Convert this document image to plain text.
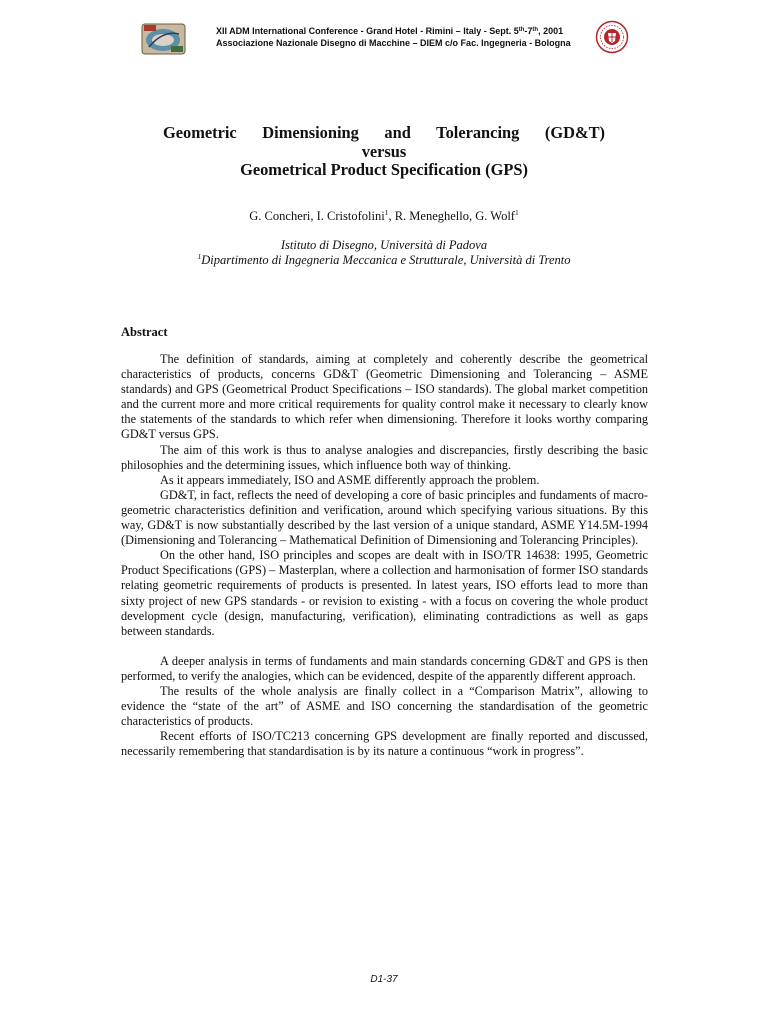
XII ADM International Conference - Grand Hotel - Rimini – Italy - Sept. 5th-7th, 2001
Associazione Nazionale Disegno di Macchine – DIEM c/o Fac. Ingegneria - Bologna
Geometric Dimensioning and Tolerancing (GD&T)
versus
Geometrical Product Specification (GPS)
G. Concheri, I. Cristofolini$^1$, R. Meneghello, G. Wolf$^1$
Istituto di Disegno, Università di Padova
$^1$Dipartimento di Ingegneria Meccanica e Strutturale, Università di Trento
Abstract

The definition of standards, aiming at completely and coherently describe the geometrical characteristics of products, concerns GD&T (Geometric Dimensioning and Tolerancing – ASME standards) and GPS (Geometrical Product Specifications – ISO standards). The global market competition and the current more and more critical requirements for quality control make it necessary to clearly know the statements of the standards to which refer when dimensioning. Therefore it looks worthy comparing GD&T versus GPS.

The aim of this work is thus to analyse analogies and discrepancies, firstly describing the basic philosophies and the determining issues, which influence both way of thinking.

As it appears immediately, ISO and ASME differently approach the problem.

GD&T, in fact, reflects the need of developing a core of basic principles and fundaments of macro-geometric characteristics definition and verification, around which specifying various situations. By this way, GD&T is now substantially described by the last version of a unique standard, ASME Y14.5M-1994 (Dimensioning and Tolerancing – Mathematical Definition of Dimensioning and Tolerancing Principles).

On the other hand, ISO principles and scopes are dealt with in ISO/TR 14638: 1995, Geometric Product Specifications (GPS) – Masterplan, where a collection and harmonisation of former ISO standards relating geometric requirements of products is presented. In latest years, ISO efforts lead to more than sixty project of new GPS standards - or revision to existing - with a focus on covering the whole product development cycle (design, manufacturing, verification), eliminating contradictions as well as gaps between standards.

A deeper analysis in terms of fundaments and main standards concerning GD&T and GPS is then performed, to verify the analogies, which can be evidenced, despite of the apparently different approach.

The results of the whole analysis are finally collect in a “Comparison Matrix”, allowing to evidence the “state of the art” of ASME and ISO concerning the standardisation of the geometric characteristics of products.

Recent efforts of ISO/TC213 concerning GPS development are finally reported and discussed, necessarily remembering that standardisation is by its nature a continuous “work in progress”.

D1-37
